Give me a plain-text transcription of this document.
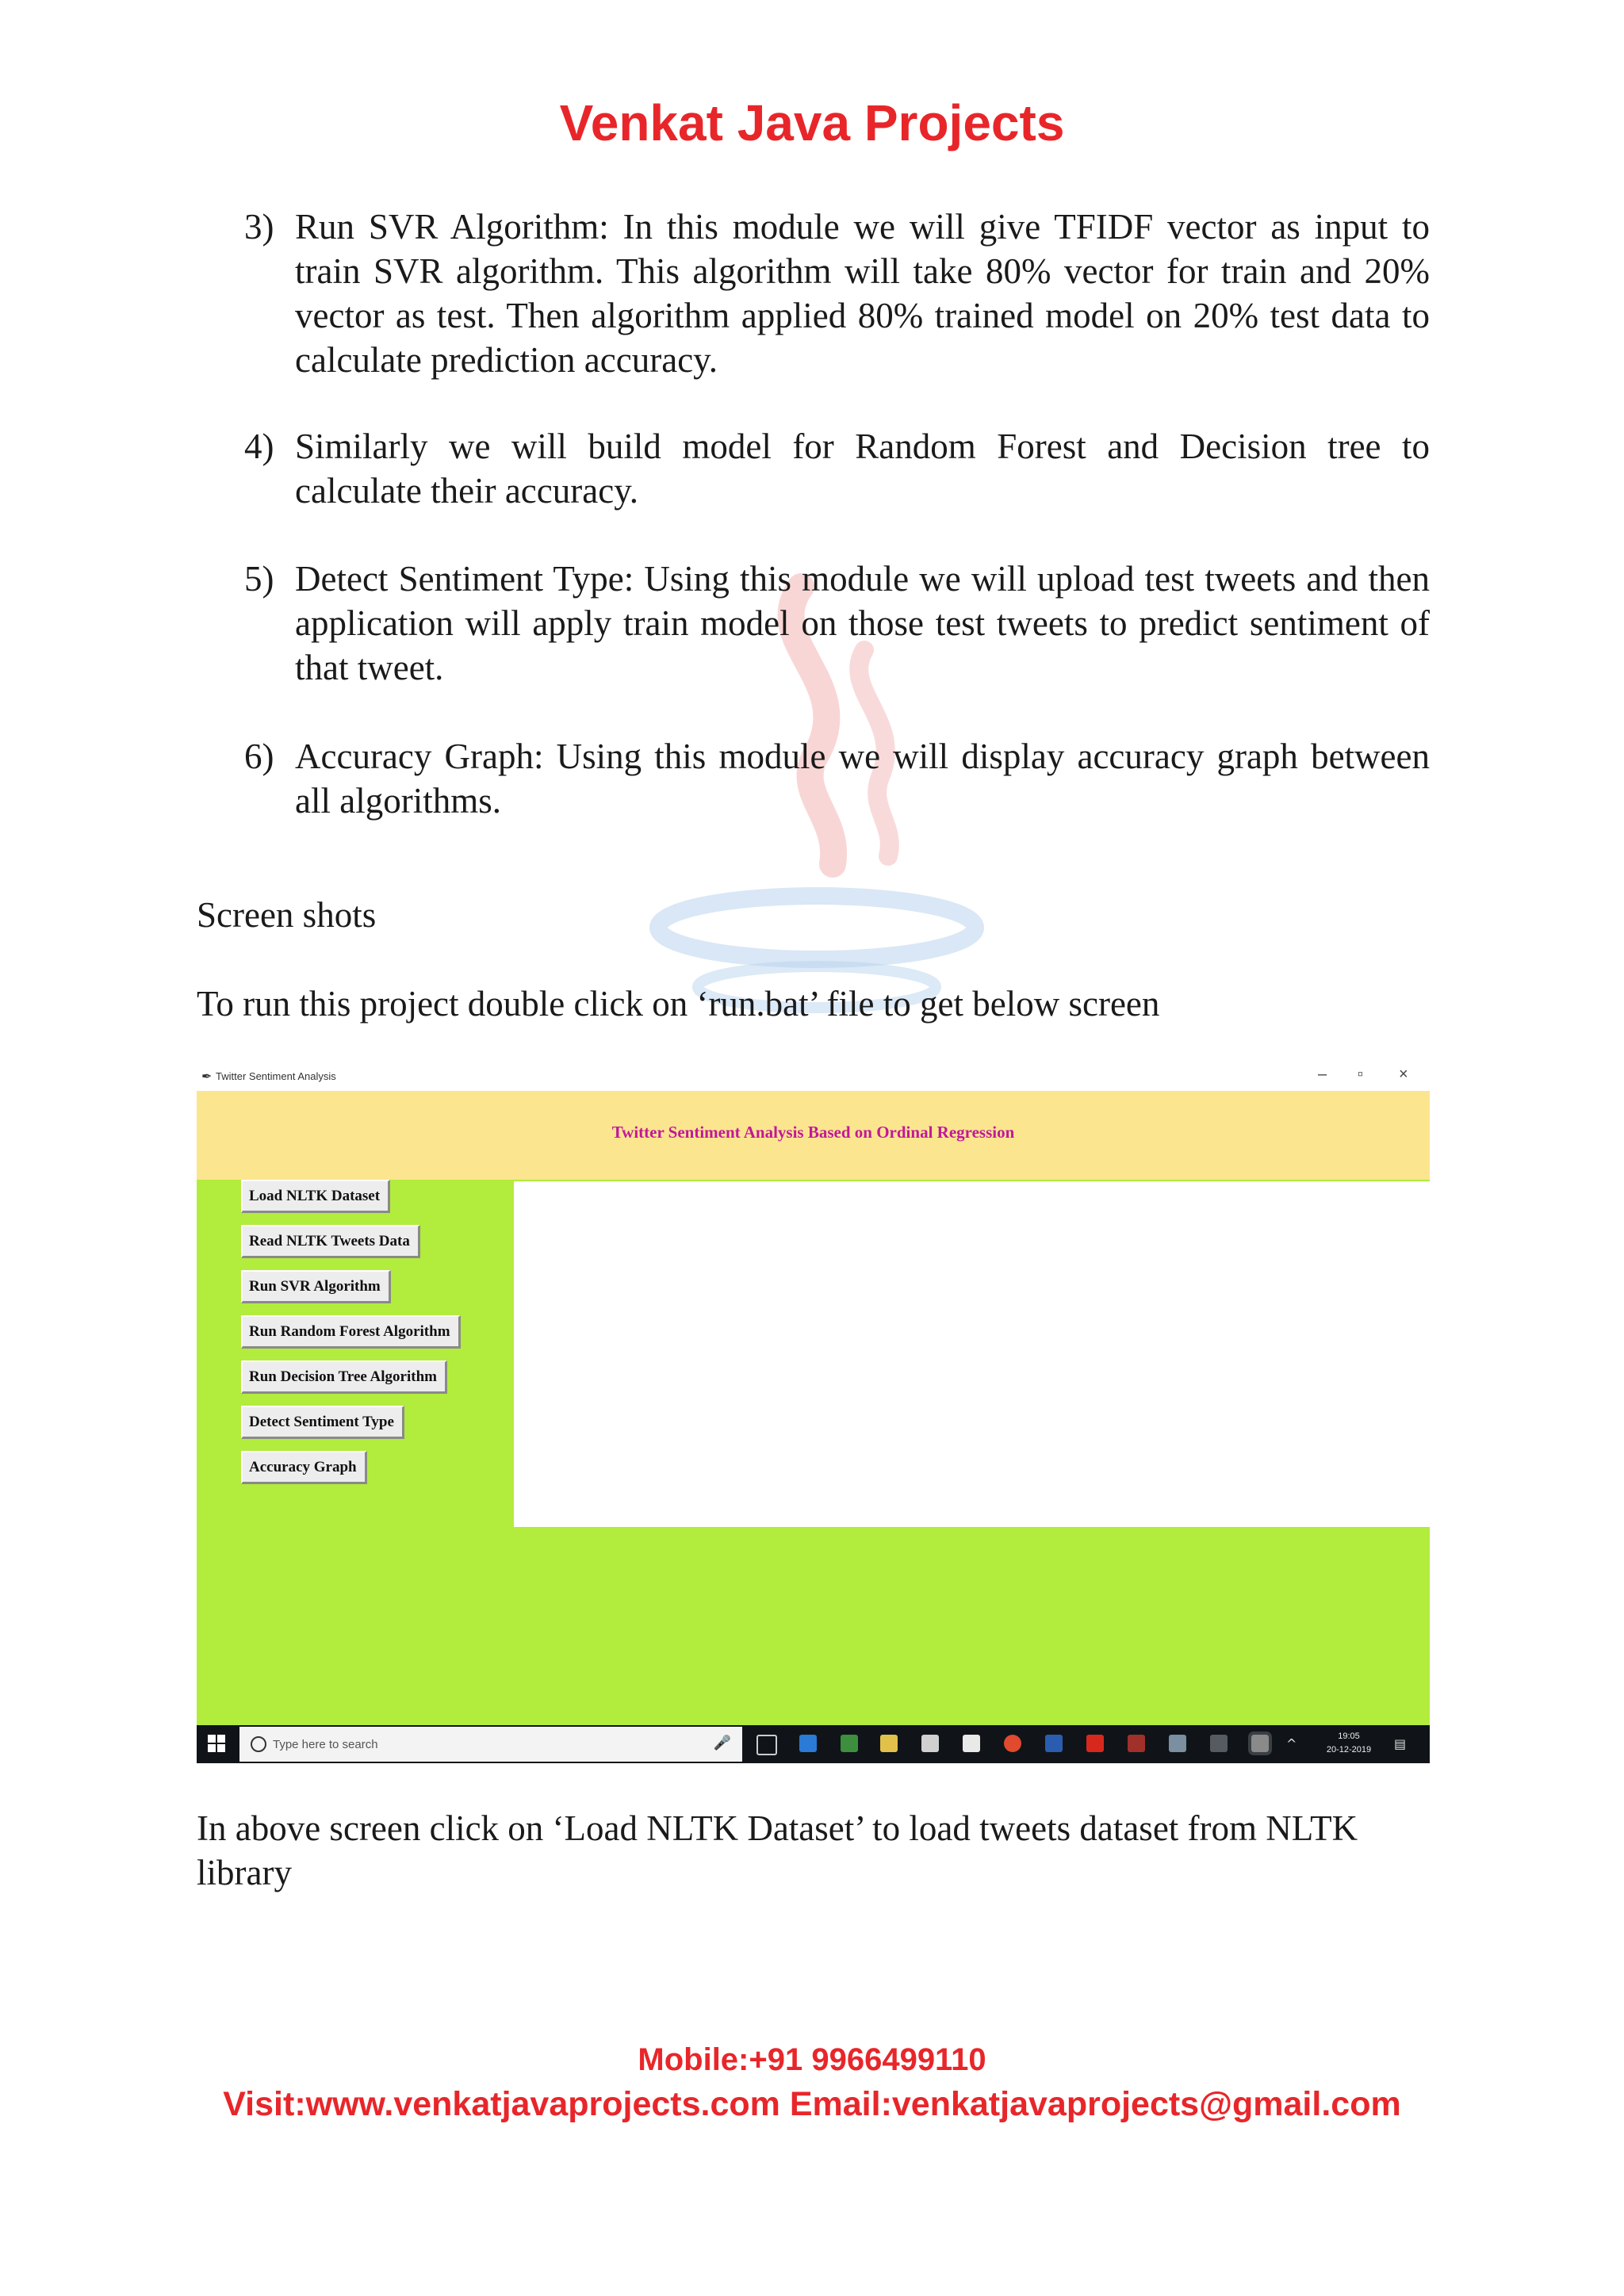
Venkat Java Projects
3) Run SVR Algorithm: In this module we will give TFIDF vector as input to train SVR algorithm. This algorithm will take 80% vector for train and 20% vector as test. Then algorithm applied 80% trained model on 20% test data to calculate prediction accuracy.
4) Similarly we will build model for Random Forest and Decision tree to calculate their accuracy.
5) Detect Sentiment Type: Using this module we will upload test tweets and then application will apply train model on those test tweets to predict sentiment of that tweet.
6) Accuracy Graph: Using this module we will display accuracy graph between all algorithms.
Screen shots
To run this project double click on ‘run.bat’ file to get below screen
✒ Twitter Sentiment Analysis	– ▫ ×
Twitter Sentiment Analysis Based on Ordinal Regression
Load NLTK Dataset
Read NLTK Tweets Data
Run SVR Algorithm
Run Random Forest Algorithm
Run Decision Tree Algorithm
Detect Sentiment Type
Accuracy Graph
Type here to search	🎤	^	19:05
20-12-2019	▤
In above screen click on ‘Load NLTK Dataset’ to load tweets dataset from NLTK library
Mobile:+91 9966499110
Visit:www.venkatjavaprojects.com Email:venkatjavaprojects@gmail.com
